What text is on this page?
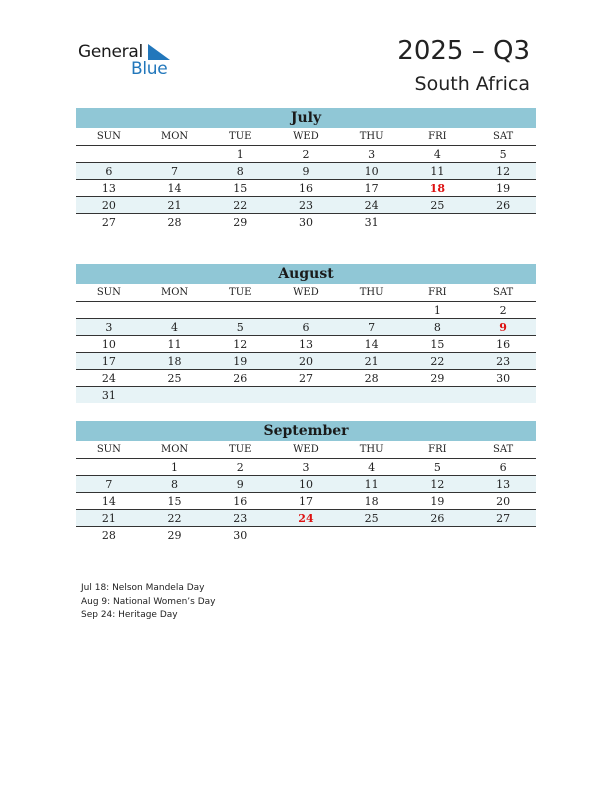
General
Blue
2025 – Q3
South Africa
July
SUN	MON	TUE	WED	THU	FRI	SAT
		1	2	3	4	5
6	7	8	9	10	11	12
13	14	15	16	17	18	19
20	21	22	23	24	25	26
27	28	29	30	31		
August
SUN	MON	TUE	WED	THU	FRI	SAT
					1	2
3	4	5	6	7	8	9
10	11	12	13	14	15	16
17	18	19	20	21	22	23
24	25	26	27	28	29	30
31						
September
SUN	MON	TUE	WED	THU	FRI	SAT
	1	2	3	4	5	6
7	8	9	10	11	12	13
14	15	16	17	18	19	20
21	22	23	24	25	26	27
28	29	30				
Jul 18: Nelson Mandela Day
Aug 9: National Women’s Day
Sep 24: Heritage Day
